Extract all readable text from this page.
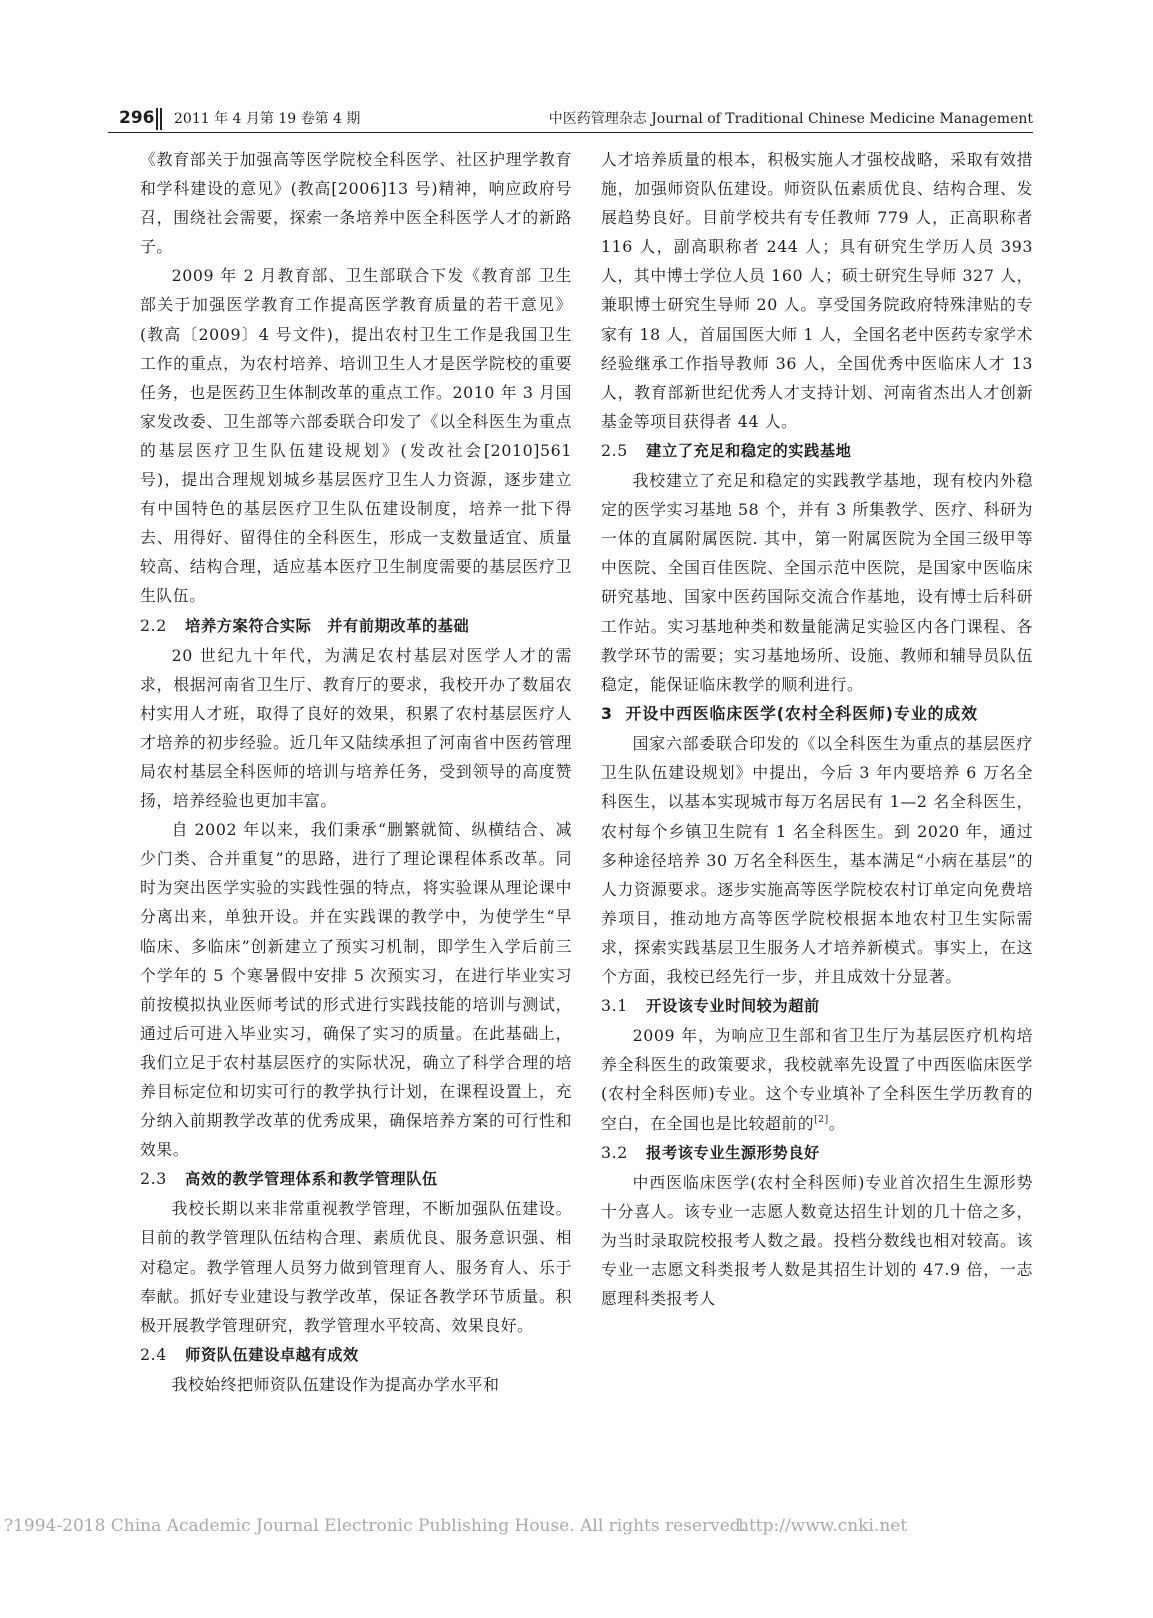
296 2011 年 4 月第 19 卷第 4 期	中医药管理杂志 Journal of Traditional Chinese Medicine Management

《教育部关于加强高等医学院校全科医学、社区护理学教育和学科建设的意见》(教高[2006]13 号)精神，响应政府号召，围绕社会需要，探索一条培养中医全科医学人才的新路子。

2009 年 2 月教育部、卫生部联合下发《教育部 卫生部关于加强医学教育工作提高医学教育质量的若干意见》(教高〔2009〕4 号文件)，提出农村卫生工作是我国卫生工作的重点，为农村培养、培训卫生人才是医学院校的重要任务，也是医药卫生体制改革的重点工作。2010 年 3 月国家发改委、卫生部等六部委联合印发了《以全科医生为重点的基层医疗卫生队伍建设规划》(发改社会[2010]561 号)，提出合理规划城乡基层医疗卫生人力资源，逐步建立有中国特色的基层医疗卫生队伍建设制度，培养一批下得去、用得好、留得住的全科医生，形成一支数量适宜、质量较高、结构合理，适应基本医疗卫生制度需要的基层医疗卫生队伍。

2.2 培养方案符合实际　并有前期改革的基础

20 世纪九十年代，为满足农村基层对医学人才的需求，根据河南省卫生厅、教育厅的要求，我校开办了数届农村实用人才班，取得了良好的效果，积累了农村基层医疗人才培养的初步经验。近几年又陆续承担了河南省中医药管理局农村基层全科医师的培训与培养任务，受到领导的高度赞扬，培养经验也更加丰富。

自 2002 年以来，我们秉承“删繁就简、纵横结合、减少门类、合并重复”的思路，进行了理论课程体系改革。同时为突出医学实验的实践性强的特点，将实验课从理论课中分离出来，单独开设。并在实践课的教学中，为使学生“早临床、多临床”创新建立了预实习机制，即学生入学后前三个学年的 5 个寒暑假中安排 5 次预实习，在进行毕业实习前按模拟执业医师考试的形式进行实践技能的培训与测试，通过后可进入毕业实习，确保了实习的质量。在此基础上，我们立足于农村基层医疗的实际状况，确立了科学合理的培养目标定位和切实可行的教学执行计划，在课程设置上，充分纳入前期教学改革的优秀成果，确保培养方案的可行性和效果。

2.3 高效的教学管理体系和教学管理队伍

我校长期以来非常重视教学管理，不断加强队伍建设。目前的教学管理队伍结构合理、素质优良、服务意识强、相对稳定。教学管理人员努力做到管理育人、服务育人、乐于奉献。抓好专业建设与教学改革，保证各教学环节质量。积极开展教学管理研究，教学管理水平较高、效果良好。

2.4 师资队伍建设卓越有成效

我校始终把师资队伍建设作为提高办学水平和

人才培养质量的根本，积极实施人才强校战略，采取有效措施，加强师资队伍建设。师资队伍素质优良、结构合理、发展趋势良好。目前学校共有专任教师 779 人，正高职称者 116 人，副高职称者 244 人；具有研究生学历人员 393 人，其中博士学位人员 160 人；硕士研究生导师 327 人，兼职博士研究生导师 20 人。享受国务院政府特殊津贴的专家有 18 人，首届国医大师 1 人，全国名老中医药专家学术经验继承工作指导教师 36 人，全国优秀中医临床人才 13 人，教育部新世纪优秀人才支持计划、河南省杰出人才创新基金等项目获得者 44 人。

2.5 建立了充足和稳定的实践基地

我校建立了充足和稳定的实践教学基地，现有校内外稳定的医学实习基地 58 个，并有 3 所集教学、医疗、科研为一体的直属附属医院. 其中，第一附属医院为全国三级甲等中医院、全国百佳医院、全国示范中医院，是国家中医临床研究基地、国家中医药国际交流合作基地，设有博士后科研工作站。实习基地种类和数量能满足实验区内各门课程、各教学环节的需要；实习基地场所、设施、教师和辅导员队伍稳定，能保证临床教学的顺利进行。

3 开设中西医临床医学(农村全科医师)专业的成效

国家六部委联合印发的《以全科医生为重点的基层医疗卫生队伍建设规划》中提出，今后 3 年内要培养 6 万名全科医生，以基本实现城市每万名居民有 1—2 名全科医生，农村每个乡镇卫生院有 1 名全科医生。到 2020 年，通过多种途径培养 30 万名全科医生，基本满足“小病在基层”的人力资源要求。逐步实施高等医学院校农村订单定向免费培养项目，推动地方高等医学院校根据本地农村卫生实际需求，探索实践基层卫生服务人才培养新模式。事实上，在这个方面，我校已经先行一步，并且成效十分显著。

3.1 开设该专业时间较为超前

2009 年，为响应卫生部和省卫生厅为基层医疗机构培养全科医生的政策要求，我校就率先设置了中西医临床医学(农村全科医师)专业。这个专业填补了全科医生学历教育的空白，在全国也是比较超前的[2]。

3.2 报考该专业生源形势良好

中西医临床医学(农村全科医师)专业首次招生生源形势十分喜人。该专业一志愿人数竟达招生计划的几十倍之多，为当时录取院校报考人数之最。投档分数线也相对较高。该专业一志愿文科类报考人数是其招生计划的 47.9 倍，一志愿理科类报考人

?1994-2018 China Academic Journal Electronic Publishing House. All rights reserved.
http://www.cnki.net
